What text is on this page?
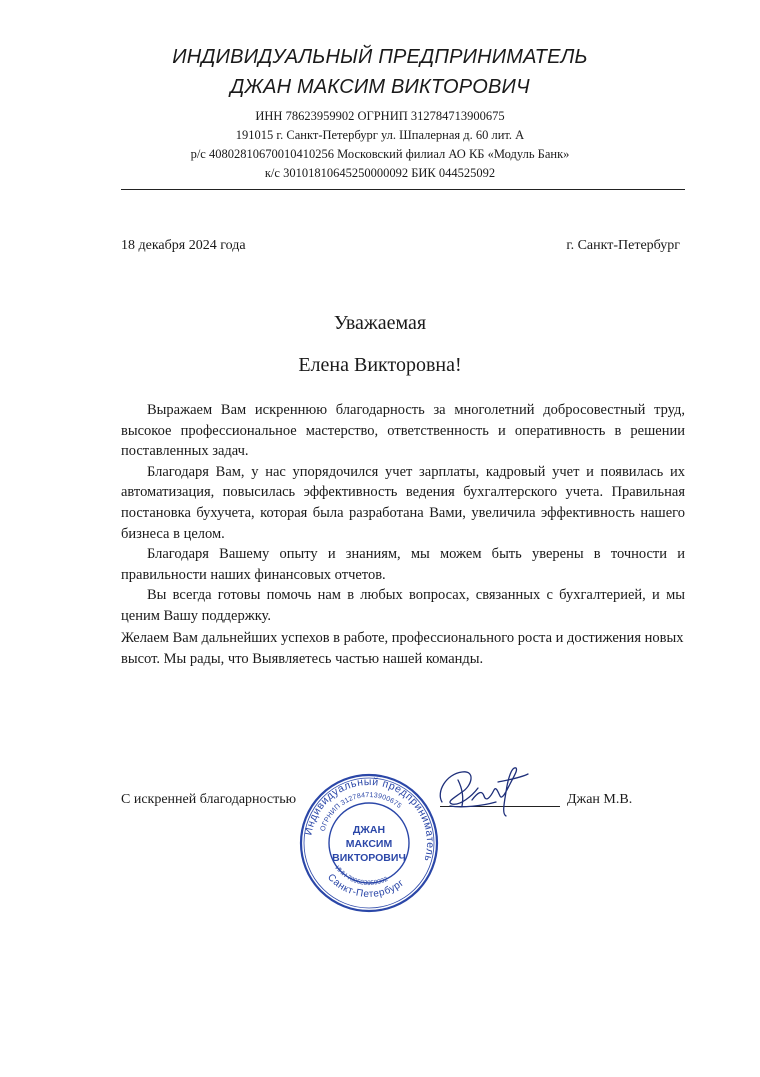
ИНДИВИДУАЛЬНЫЙ ПРЕДПРИНИМАТЕЛЬ
ДЖАН МАКСИМ ВИКТОРОВИЧ
ИНН 78623959902 ОГРНИП 312784713900675
191015 г. Санкт-Петербург ул. Шпалерная д. 60 лит. А
р/с 40802810670010410256 Московский филиал АО КБ «Модуль Банк»
к/с 30101810645250000092 БИК 044525092
18 декабря 2024 года	г. Санкт-Петербург
Уважаемая
Елена Викторовна!

Выражаем Вам искреннюю благодарность за многолетний добросовестный труд, высокое профессиональное мастерство, ответственность и оперативность в решении поставленных задач.

Благодаря Вам, у нас упорядочился учет зарплаты, кадровый учет и появилась их автоматизация, повысилась эффективность ведения бухгалтерского учета. Правильная постановка бухучета, которая была разработана Вами, увеличила эффективность нашего бизнеса в целом.

Благодаря Вашему опыту и знаниям, мы можем быть уверены в точности и правильности наших финансовых отчетов.

Вы всегда готовы помочь нам в любых вопросах, связанных с бухгалтерией, и мы ценим Вашу поддержку.

Желаем Вам дальнейших успехов в работе, профессионального роста и достижения новых высот. Мы рады, что Выявляетесь частью нашей команды.
С искренней благодарностью	Джан М.В.
Индивидуальный предприниматель
ОГРНИП 312784713900675
Санкт-Петербург
ИНН 780623959902
ДЖАН
МАКСИМ
ВИКТОРОВИЧ
